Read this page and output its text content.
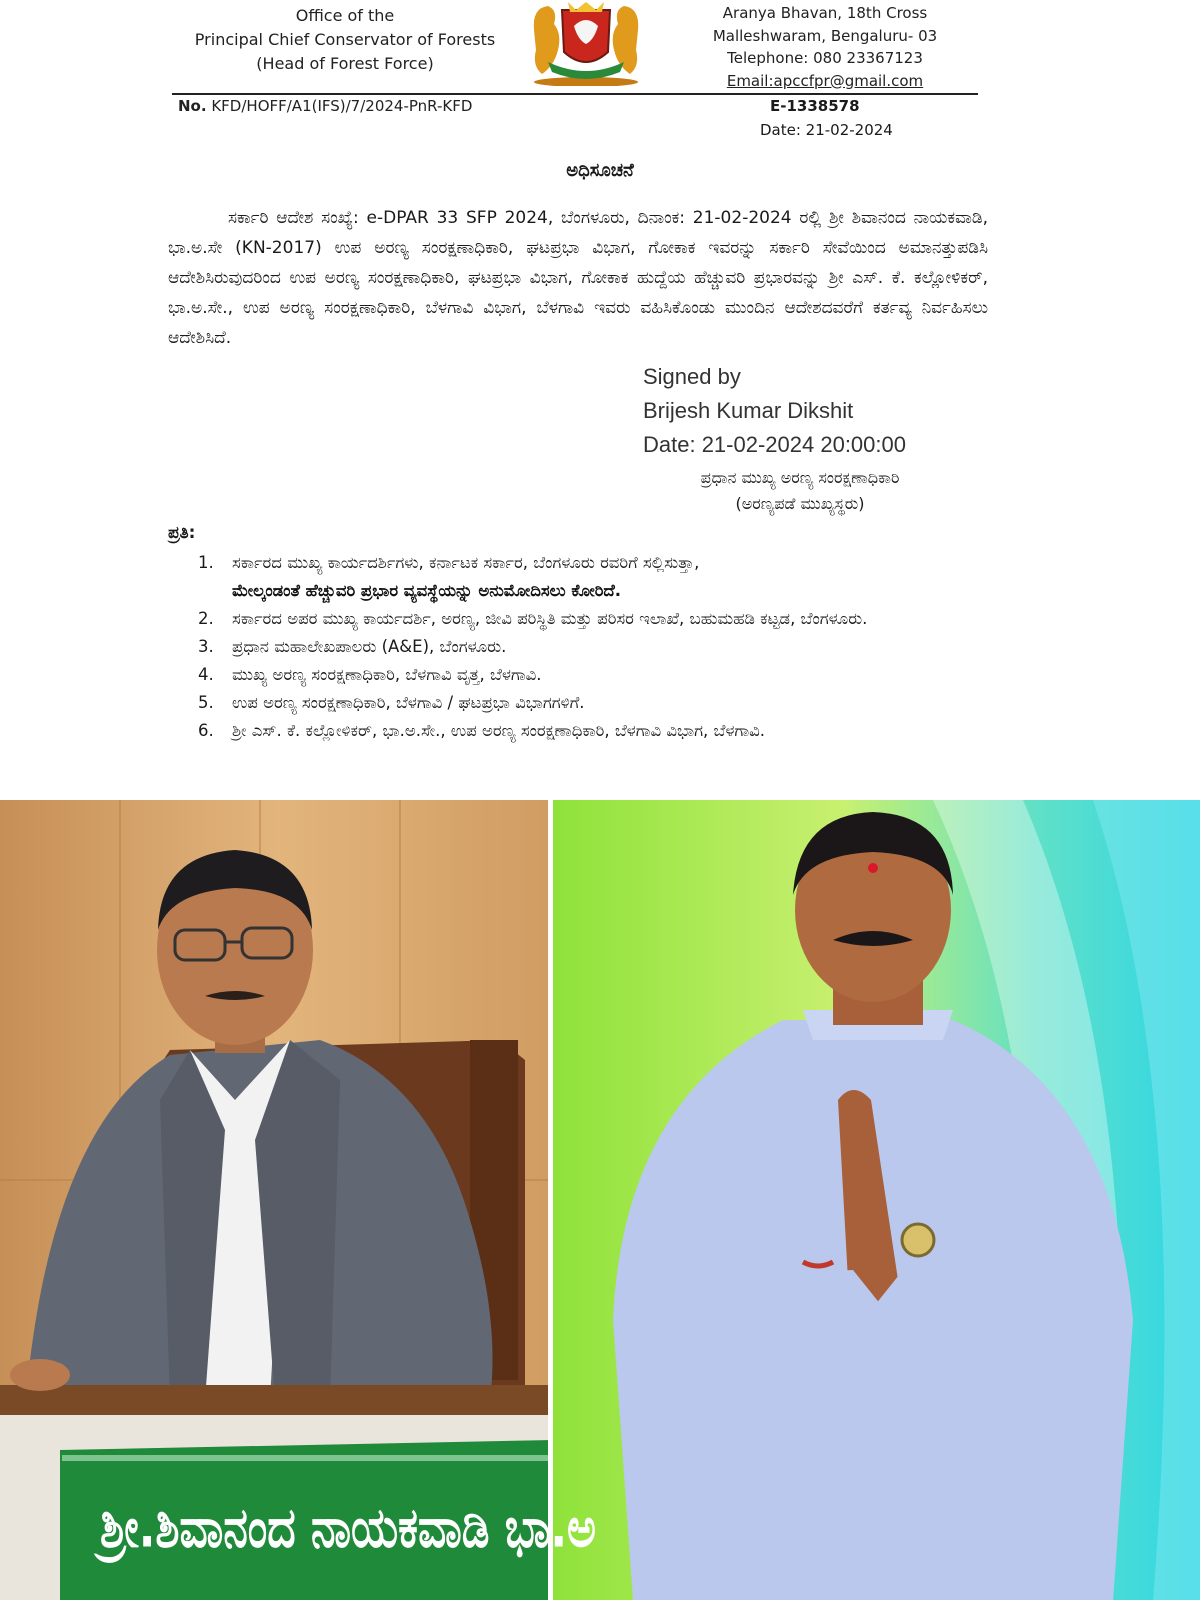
Office of the
Principal Chief Conservator of Forests
(Head of Forest Force)
Aranya Bhavan, 18th Cross
Malleshwaram, Bengaluru- 03
Telephone: 080 23367123
Email:apccfpr@gmail.com
No. KFD/HOFF/A1(IFS)/7/2024-PnR-KFD	E-1338578
Date: 21-02-2024
ಅಧಿಸೂಚನೆ
ಸರ್ಕಾರಿ ಆದೇಶ ಸಂಖ್ಯೆ: e-DPAR 33 SFP 2024, ಬೆಂಗಳೂರು, ದಿನಾಂಕ: 21-02-2024 ರಲ್ಲಿ ಶ್ರೀ ಶಿವಾನಂದ ನಾಯಕವಾಡಿ, ಭಾ.ಅ.ಸೇ (KN-2017) ಉಪ ಅರಣ್ಯ ಸಂರಕ್ಷಣಾಧಿಕಾರಿ, ಘಟಪ್ರಭಾ ವಿಭಾಗ, ಗೋಕಾಕ ಇವರನ್ನು ಸರ್ಕಾರಿ ಸೇವೆಯಿಂದ ಅಮಾನತ್ತುಪಡಿಸಿ ಆದೇಶಿಸಿರುವುದರಿಂದ ಉಪ ಅರಣ್ಯ ಸಂರಕ್ಷಣಾಧಿಕಾರಿ, ಘಟಪ್ರಭಾ ವಿಭಾಗ, ಗೋಕಾಕ ಹುದ್ದೆಯ ಹೆಚ್ಚುವರಿ ಪ್ರಭಾರವನ್ನು ಶ್ರೀ ಎಸ್. ಕೆ. ಕಲ್ಲೋಳಿಕರ್, ಭಾ.ಅ.ಸೇ., ಉಪ ಅರಣ್ಯ ಸಂರಕ್ಷಣಾಧಿಕಾರಿ, ಬೆಳಗಾವಿ ವಿಭಾಗ, ಬೆಳಗಾವಿ ಇವರು ವಹಿಸಿಕೊಂಡು ಮುಂದಿನ ಆದೇಶದವರೆಗೆ ಕರ್ತವ್ಯ ನಿರ್ವಹಿಸಲು ಆದೇಶಿಸಿದೆ.
Signed by
Brijesh Kumar Dikshit
Date: 21-02-2024 20:00:00
ಪ್ರಧಾನ ಮುಖ್ಯ ಅರಣ್ಯ ಸಂರಕ್ಷಣಾಧಿಕಾರಿ
(ಅರಣ್ಯಪಡೆ ಮುಖ್ಯಸ್ಥರು)
ಪ್ರತಿ:
1. ಸರ್ಕಾರದ ಮುಖ್ಯ ಕಾರ್ಯದರ್ಶಿಗಳು, ಕರ್ನಾಟಕ ಸರ್ಕಾರ, ಬೆಂಗಳೂರು ರವರಿಗೆ ಸಲ್ಲಿಸುತ್ತಾ,
ಮೇಲ್ಕಂಡಂತೆ ಹೆಚ್ಚುವರಿ ಪ್ರಭಾರ ವ್ಯವಸ್ಥೆಯನ್ನು ಅನುಮೋದಿಸಲು ಕೋರಿದೆ.
2. ಸರ್ಕಾರದ ಅಪರ ಮುಖ್ಯ ಕಾರ್ಯದರ್ಶಿ, ಅರಣ್ಯ, ಜೀವಿ ಪರಿಸ್ಥಿತಿ ಮತ್ತು ಪರಿಸರ ಇಲಾಖೆ, ಬಹುಮಹಡಿ ಕಟ್ಟಡ, ಬೆಂಗಳೂರು.
3. ಪ್ರಧಾನ ಮಹಾಲೇಖಪಾಲರು (A&E), ಬೆಂಗಳೂರು.
4. ಮುಖ್ಯ ಅರಣ್ಯ ಸಂರಕ್ಷಣಾಧಿಕಾರಿ, ಬೆಳಗಾವಿ ವೃತ್ತ, ಬೆಳಗಾವಿ.
5. ಉಪ ಅರಣ್ಯ ಸಂರಕ್ಷಣಾಧಿಕಾರಿ, ಬೆಳಗಾವಿ / ಘಟಪ್ರಭಾ ವಿಭಾಗಗಳಿಗೆ.
6. ಶ್ರೀ ಎಸ್. ಕೆ. ಕಲ್ಲೋಳಿಕರ್, ಭಾ.ಅ.ಸೇ., ಉಪ ಅರಣ್ಯ ಸಂರಕ್ಷಣಾಧಿಕಾರಿ, ಬೆಳಗಾವಿ ವಿಭಾಗ, ಬೆಳಗಾವಿ.
ಶ್ರೀ.ಶಿವಾನಂದ ನಾಯಕವಾಡಿ ಭಾ.ಅ
